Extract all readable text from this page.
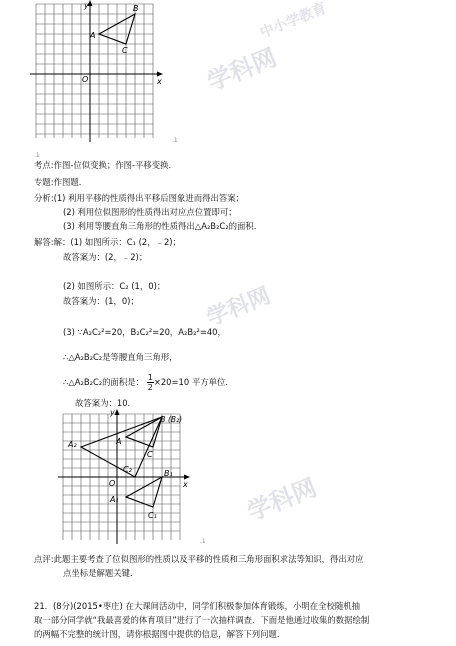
y
x
O
A
B
C
.1
.1
中小学教育
学科网
学科网
学科网
考点:作图-位似变换；作图-平移变换．
专题:作图题．
分析:(1) 利用平移的性质得出平移后图象进而得出答案；
(2) 利用位似图形的性质得出对应点位置即可；
(3) 利用等腰直角三角形的性质得出△A₂B₂C₂的面积．
解答:解：(1) 如图所示：C₁ (2，﹣2)；
故答案为：(2，﹣2)；
(2) 如图所示：C₂ (1，0)；
故答案为：(1，0)；
(3) ∵A₂C₂²=20，B₂C₂²=20，A₂B₂²=40，
∴△A₂B₂C₂是等腰直角三角形，
∴△A₂B₂C₂的面积是： $\frac{1}{2} \times 20=10$ 平方单位．
故答案为：10．
y
x
O
A
B (B₂)
C
A₂
C₂
A₁
B₁
C₁
.1
点评:此题主要考查了位似图形的性质以及平移的性质和三角形面积求法等知识，得出对应
点坐标是解题关键．
21．(8分)(2015•枣庄) 在大课间活动中，同学们积极参加体育锻炼，小明在全校随机抽
取一部分同学就“我最喜爱的体育项目”进行了一次抽样调查．下面是他通过收集的数据绘制
的两幅不完整的统计图，请你根据图中提供的信息，解答下列问题．
